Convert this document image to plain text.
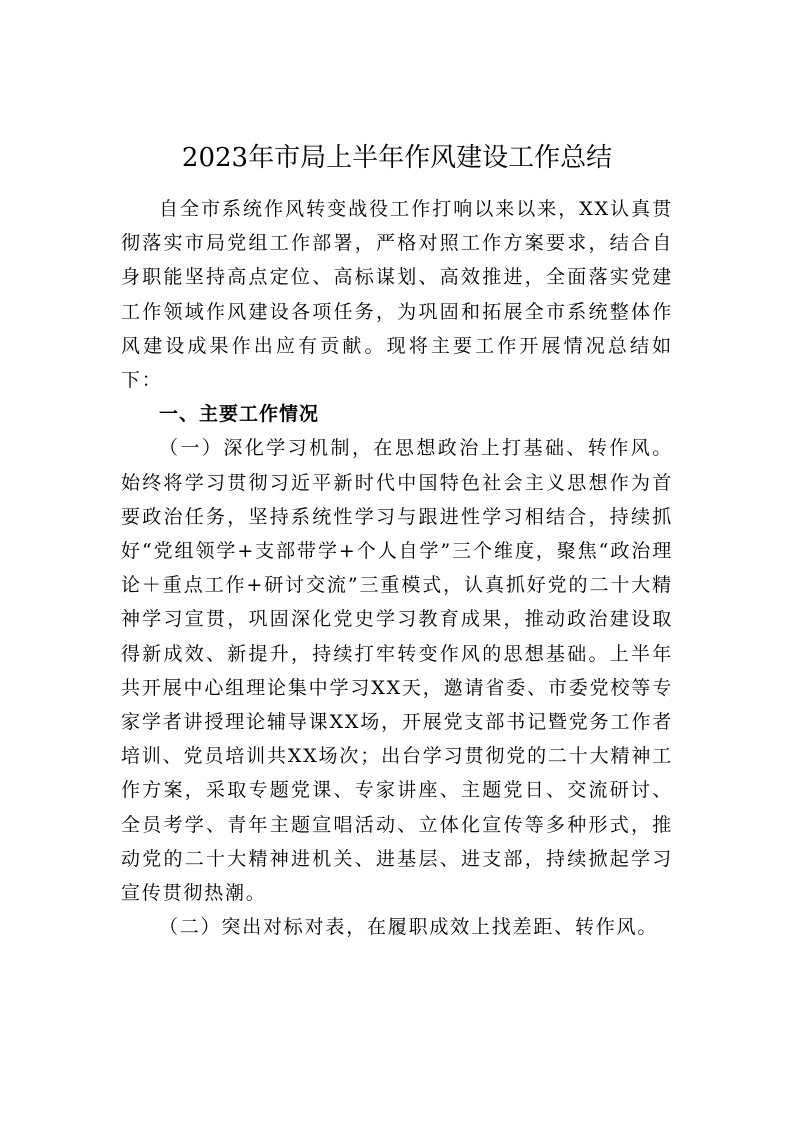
2023年市局上半年作风建设工作总结

自全市系统作风转变战役工作打响以来以来，XX认真贯彻落实市局党组工作部署，严格对照工作方案要求，结合自身职能坚持高点定位、高标谋划、高效推进，全面落实党建工作领域作风建设各项任务，为巩固和拓展全市系统整体作风建设成果作出应有贡献。现将主要工作开展情况总结如下：

一、主要工作情况

（一）深化学习机制，在思想政治上打基础、转作风。始终将学习贯彻习近平新时代中国特色社会主义思想作为首要政治任务，坚持系统性学习与跟进性学习相结合，持续抓好“党组领学+支部带学+个人自学”三个维度，聚焦“政治理论＋重点工作+研讨交流”三重模式，认真抓好党的二十大精神学习宣贯，巩固深化党史学习教育成果，推动政治建设取得新成效、新提升，持续打牢转变作风的思想基础。上半年共开展中心组理论集中学习XX天，邀请省委、市委党校等专家学者讲授理论辅导课XX场，开展党支部书记暨党务工作者培训、党员培训共XX场次；出台学习贯彻党的二十大精神工作方案，采取专题党课、专家讲座、主题党日、交流研讨、全员考学、青年主题宣唱活动、立体化宣传等多种形式，推动党的二十大精神进机关、进基层、进支部，持续掀起学习宣传贯彻热潮。

（二）突出对标对表，在履职成效上找差距、转作风。
